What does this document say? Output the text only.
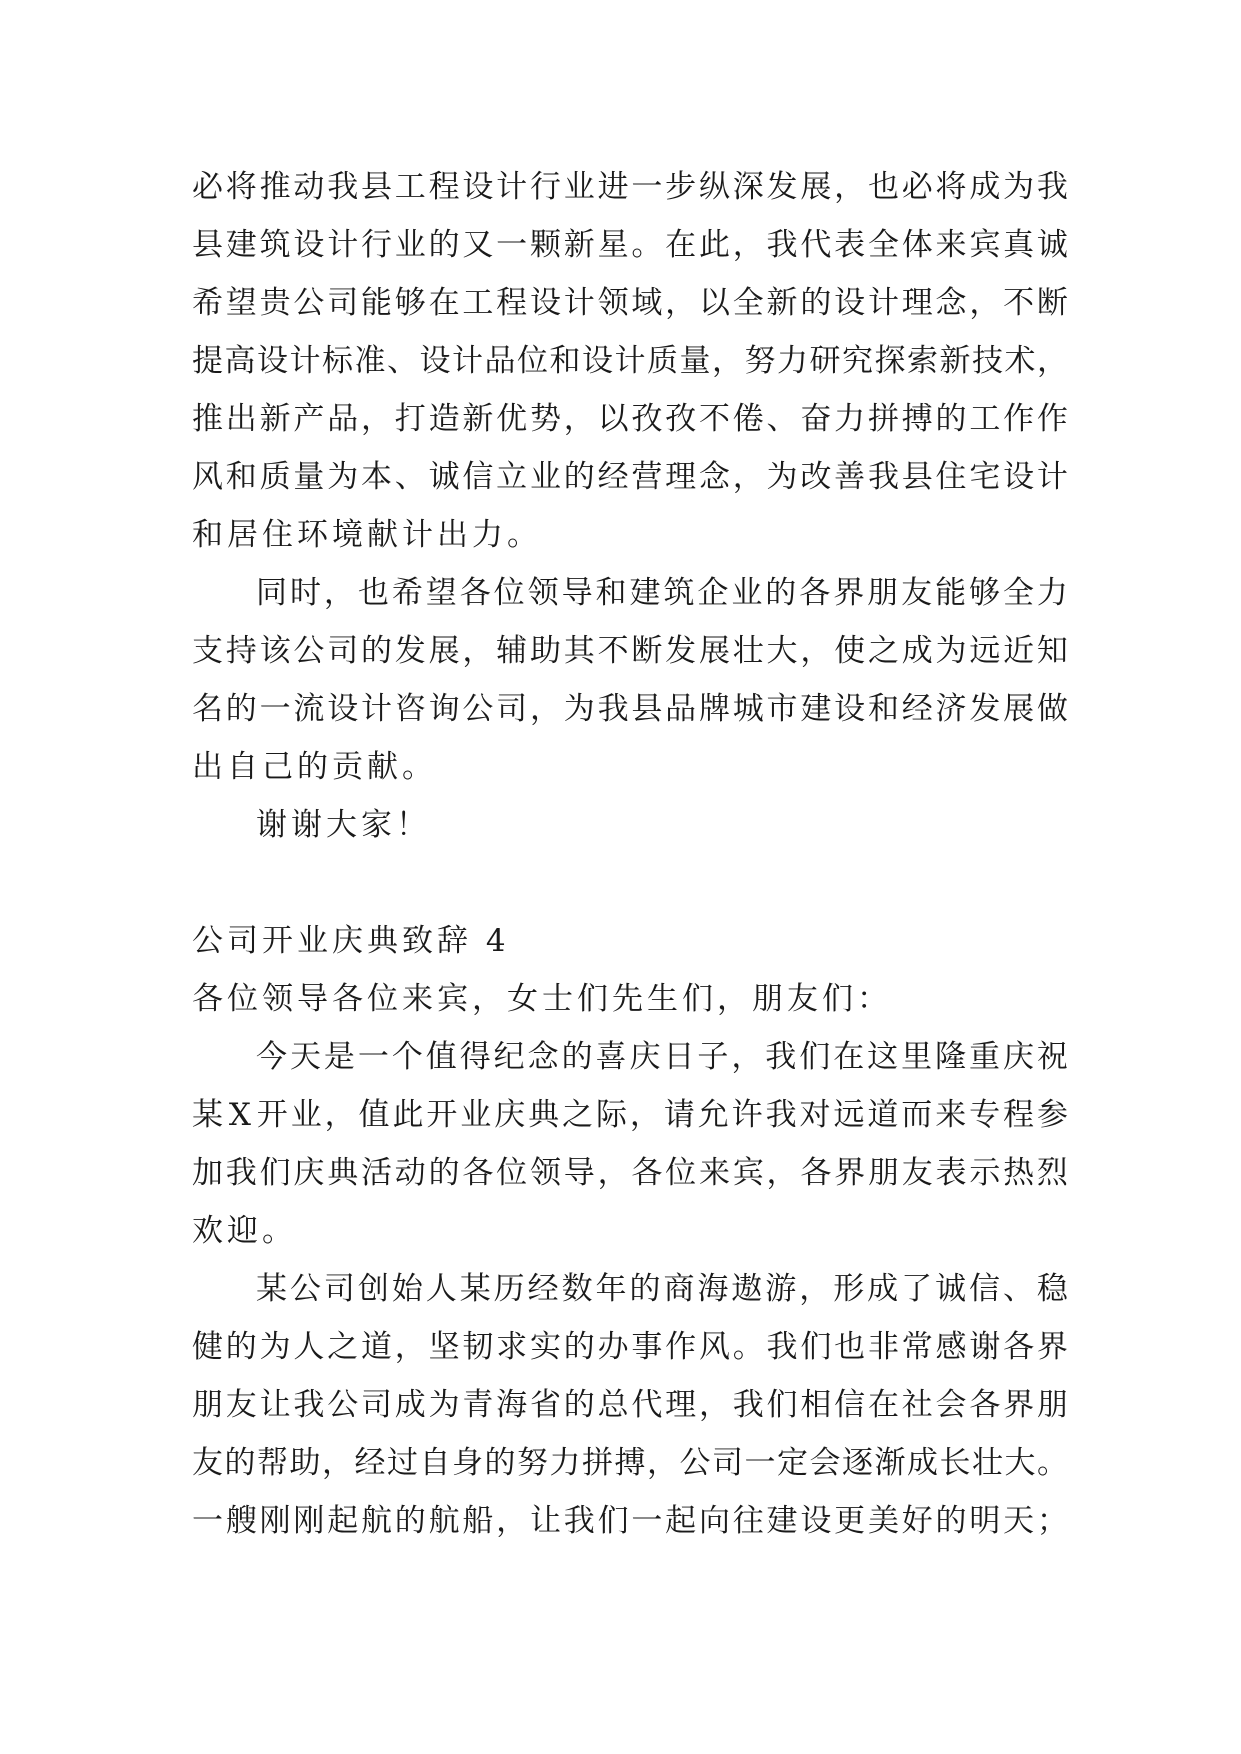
必 将 推 动 我 县 工 程 设 计 行 业 进 一 步 纵 深 发 展 ， 也 必 将 成 为 我
县 建 筑 设 计 行 业 的 又 一 颗 新 星 。 在 此 ， 我 代 表 全 体 来 宾 真 诚
希 望 贵 公 司 能 够 在 工 程 设 计 领 域 ， 以 全 新 的 设 计 理 念 ， 不 断
提 高 设 计 标 准 、 设 计 品 位 和 设 计 质 量 ， 努 力 研 究 探 索 新 技 术 ，
推 出 新 产 品 ， 打 造 新 优 势 ， 以 孜 孜 不 倦 、 奋 力 拼 搏 的 工 作 作
风 和 质 量 为 本 、 诚 信 立 业 的 经 营 理 念 ， 为 改 善 我 县 住 宅 设 计
和居住环境献计出力。
同 时 ， 也 希 望 各 位 领 导 和 建 筑 企 业 的 各 界 朋 友 能 够 全 力
支 持 该 公 司 的 发 展 ， 辅 助 其 不 断 发 展 壮 大 ， 使 之 成 为 远 近 知
名 的 一 流 设 计 咨 询 公 司 ， 为 我 县 品 牌 城 市 建 设 和 经 济 发 展 做
出自己的贡献。
谢谢大家！
公司开业庆典致辞 4
各位领导各位来宾，女士们先生们，朋友们：
今 天 是 一 个 值 得 纪 念 的 喜 庆 日 子 ， 我 们 在 这 里 隆 重 庆 祝
某 X 开 业 ， 值 此 开 业 庆 典 之 际 ， 请 允 许 我 对 远 道 而 来 专 程 参
加 我 们 庆 典 活 动 的 各 位 领 导 ， 各 位 来 宾 ， 各 界 朋 友 表 示 热 烈
欢迎。
某 公 司 创 始 人 某 历 经 数 年 的 商 海 遨 游 ， 形 成 了 诚 信 、 稳
健 的 为 人 之 道 ， 坚 韧 求 实 的 办 事 作 风 。 我 们 也 非 常 感 谢 各 界
朋 友 让 我 公 司 成 为 青 海 省 的 总 代 理 ， 我 们 相 信 在 社 会 各 界 朋
友 的 帮 助 ， 经 过 自 身 的 努 力 拼 搏 ， 公 司 一 定 会 逐 渐 成 长 壮 大 。
一 艘 刚 刚 起 航 的 航 船 ， 让 我 们 一 起 向 往 建 设 更 美 好 的 明 天 ；
